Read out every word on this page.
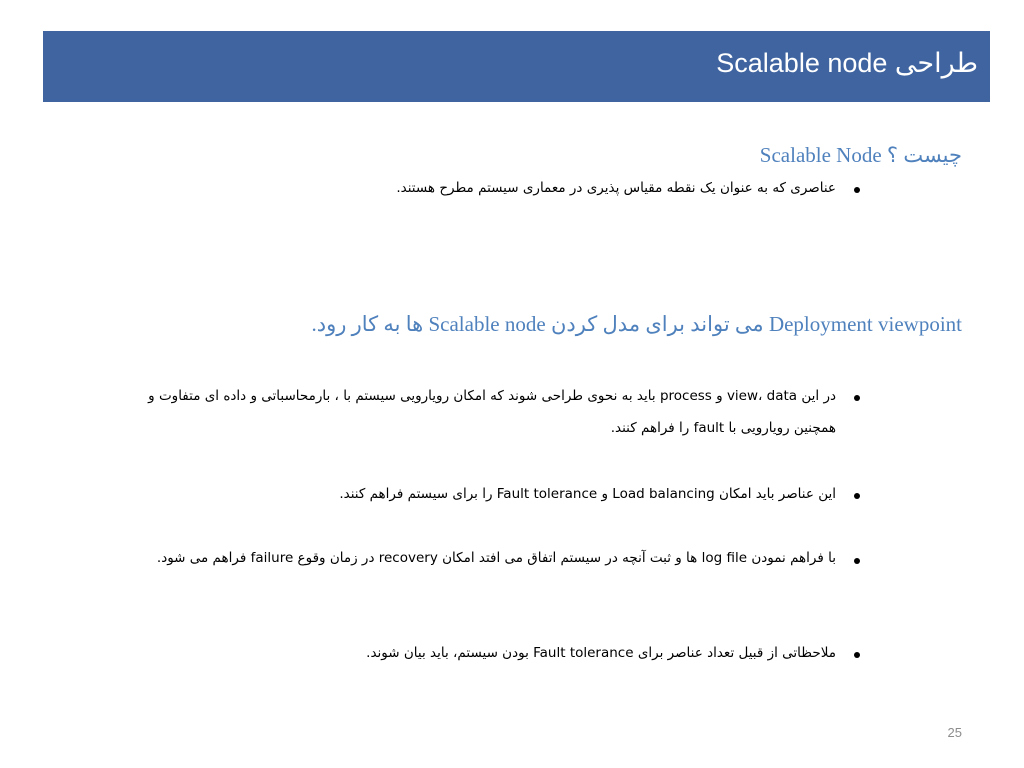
طراحی Scalable node
چیست ؟ Scalable Node
عناصری که به عنوان یک نقطه مقیاس پذیری در معماری سیستم مطرح هستند.
Deployment viewpoint می تواند برای مدل کردن Scalable node ها به کار رود.
در این view، data و process باید به نحوی طراحی شوند که امکان رویارویی سیستم با ، بارمحاسباتی و داده ای متفاوت و همچنین رویارویی با fault را فراهم کنند.
این عناصر باید امکان Load balancing و Fault tolerance را برای سیستم فراهم کنند.
با فراهم نمودن log file ها و ثبت آنچه در سیستم اتفاق می افتد امکان recovery در زمان وقوع failure فراهم می شود.
ملاحظاتی از قبیل تعداد عناصر برای Fault tolerance بودن سیستم، باید بیان شوند.
25
